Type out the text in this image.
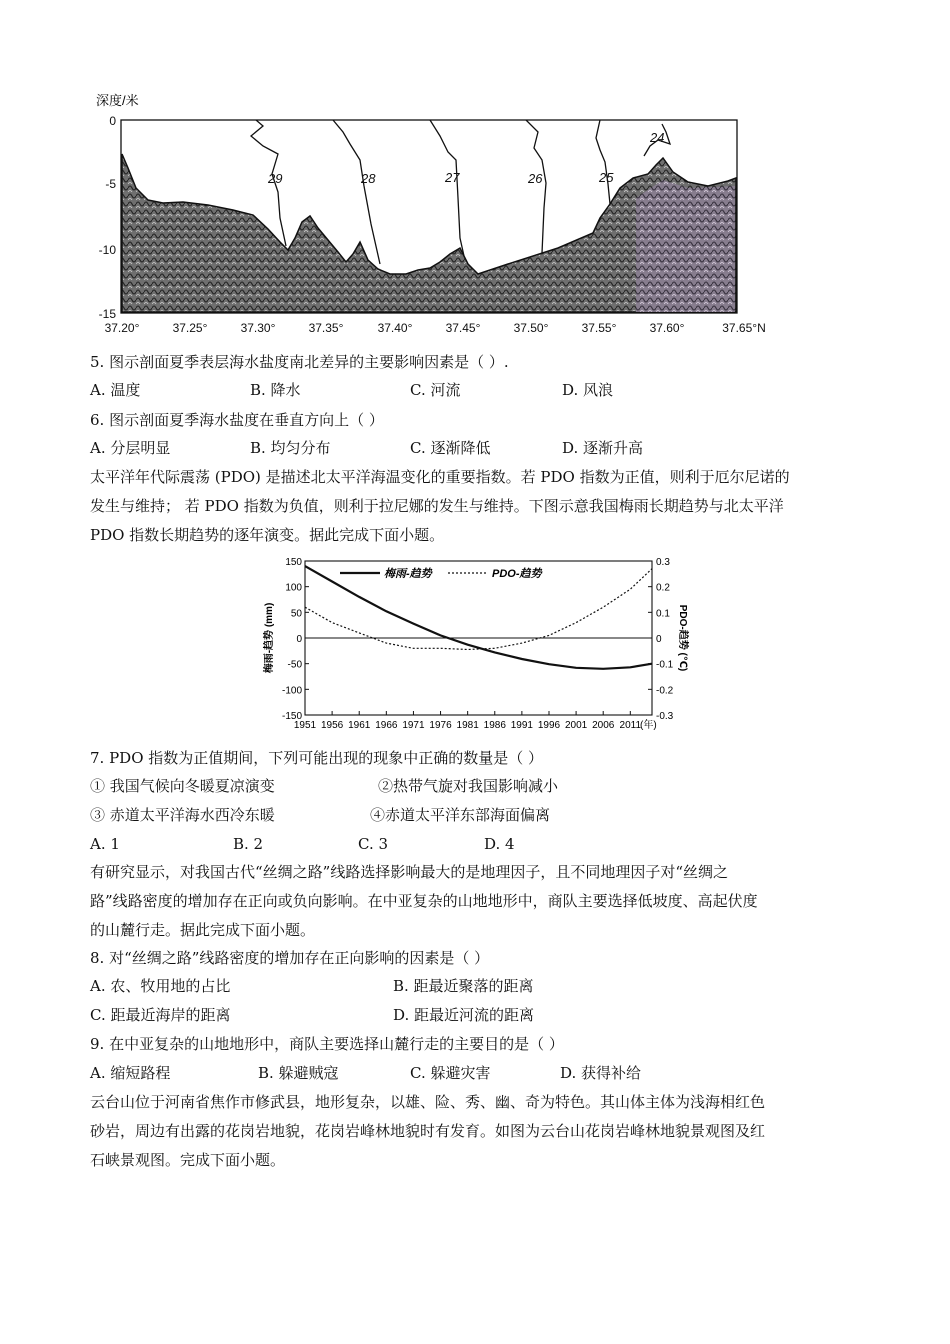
深度/米
29	28	27	26	25
24
0
-5
-10
-15
37.20°	37.25°	37.30°	37.35°	37.40°	37.45°	37.50°	37.55°	37.60°	37.65°N
5. 图示剖面夏季表层海水盐度南北差异的主要影响因素是（ ）.
A. 温度	B. 降水	C. 河流	D. 风浪
6. 图示剖面夏季海水盐度在垂直方向上（ ）
A. 分层明显	B. 均匀分布	C. 逐渐降低	D. 逐渐升高
太平洋年代际震荡 (PDO) 是描述北太平洋海温变化的重要指数。若 PDO 指数为正值，则利于厄尔尼诺的
发生与维持； 若 PDO 指数为负值，则利于拉尼娜的发生与维持。下图示意我国梅雨长期趋势与北太平洋
PDO 指数长期趋势的逐年演变。据此完成下面小题。
1951 1956 1961 1966 1971 1976 1981 1986 1991 1996 2001 2006 2011
150
100
50
0
-50
-100
-150
0.3
0.2
0.1
0
-0.1
-0.2
-0.3
梅雨-趋势	PDO-趋势
梅雨-趋势 (mm)	PDO-趋势 (℃)
(年)
7. PDO 指数为正值期间，下列可能出现的现象中正确的数量是（ ）
① 我国气候向冬暖夏凉演变	②热带气旋对我国影响减小
③ 赤道太平洋海水西冷东暖	④赤道太平洋东部海面偏离
A. 1	B. 2	C. 3	D. 4
有研究显示，对我国古代“丝绸之路”线路选择影响最大的是地理因子，且不同地理因子对“丝绸之
路”线路密度的增加存在正向或负向影响。在中亚复杂的山地地形中，商队主要选择低坡度、高起伏度
的山麓行走。据此完成下面小题。
8. 对“丝绸之路”线路密度的增加存在正向影响的因素是（ ）
A. 农、牧用地的占比	B. 距最近聚落的距离
C. 距最近海岸的距离	D. 距最近河流的距离
9. 在中亚复杂的山地地形中，商队主要选择山麓行走的主要目的是（ ）
A. 缩短路程	B. 躲避贼寇	C. 躲避灾害	D. 获得补给
云台山位于河南省焦作市修武县，地形复杂，以雄、险、秀、幽、奇为特色。其山体主体为浅海相红色
砂岩，周边有出露的花岗岩地貌，花岗岩峰林地貌时有发育。如图为云台山花岗岩峰林地貌景观图及红
石峡景观图。完成下面小题。
